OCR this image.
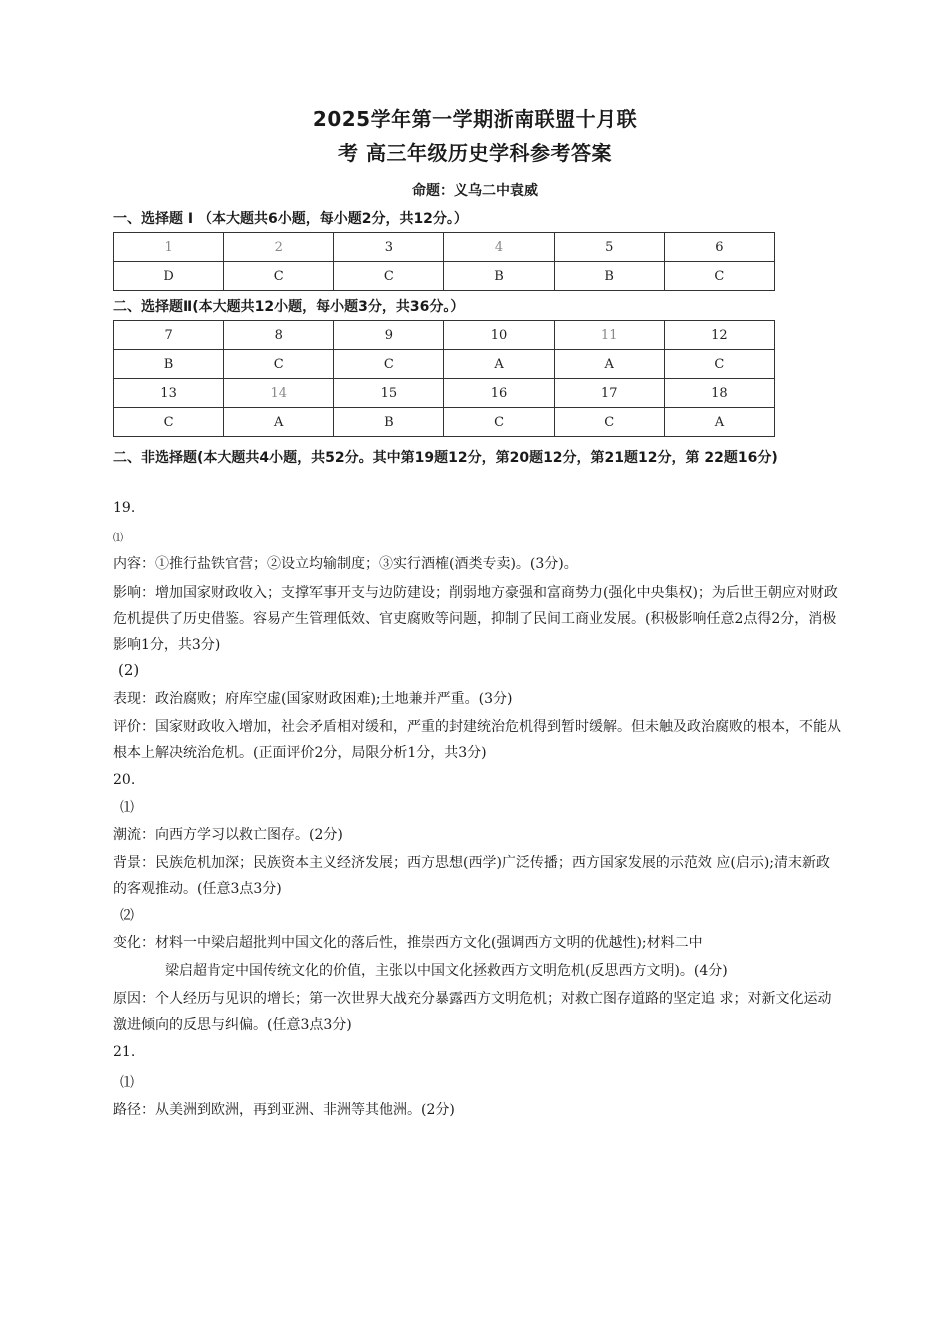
2025学年第一学期浙南联盟十月联
考 高三年级历史学科参考答案
命题：义乌二中袁威
一、选择题 I （本大题共6小题，每小题2分，共12分。）
1	2	3	4	5	6
D	C	C	B	B	C
二、选择题Ⅱ(本大题共12小题，每小题3分，共36分。）
7	8	9	10	11	12
B	C	C	A	A	C
13	14	15	16	17	18
C	A	B	C	C	A
二、非选择题(本大题共4小题，共52分。其中第19题12分，第20题12分，第21题12分，第 22题16分)
19.
⑴
内容：①推行盐铁官营；②设立均输制度；③实行酒榷(酒类专卖)。(3分)。
影响：增加国家财政收入；支撑军事开支与边防建设；削弱地方豪强和富商势力(强化中央集权)；为后世王朝应对财政危机提供了历史借鉴。容易产生管理低效、官吏腐败等问题，抑制了民间工商业发展。(积极影响任意2点得2分，消极影响1分，共3分)
(2)
表现：政治腐败；府库空虚(国家财政困难);土地兼并严重。(3分)
评价：国家财政收入增加，社会矛盾相对缓和，严重的封建统治危机得到暂时缓解。但未触及政治腐败的根本，不能从根本上解决统治危机。(正面评价2分，局限分析1分，共3分)
20.
⑴
潮流：向西方学习以救亡图存。(2分)
背景：民族危机加深；民族资本主义经济发展；西方思想(西学)广泛传播；西方国家发展的示范效 应(启示);清末新政的客观推动。(任意3点3分)
⑵
变化：材料一中梁启超批判中国文化的落后性，推崇西方文化(强调西方文明的优越性);材料二中
梁启超肯定中国传统文化的价值，主张以中国文化拯救西方文明危机(反思西方文明)。(4分)
原因：个人经历与见识的增长；第一次世界大战充分暴露西方文明危机；对救亡图存道路的坚定追 求；对新文化运动激进倾向的反思与纠偏。(任意3点3分)
21.
⑴
路径：从美洲到欧洲，再到亚洲、非洲等其他洲。(2分)
